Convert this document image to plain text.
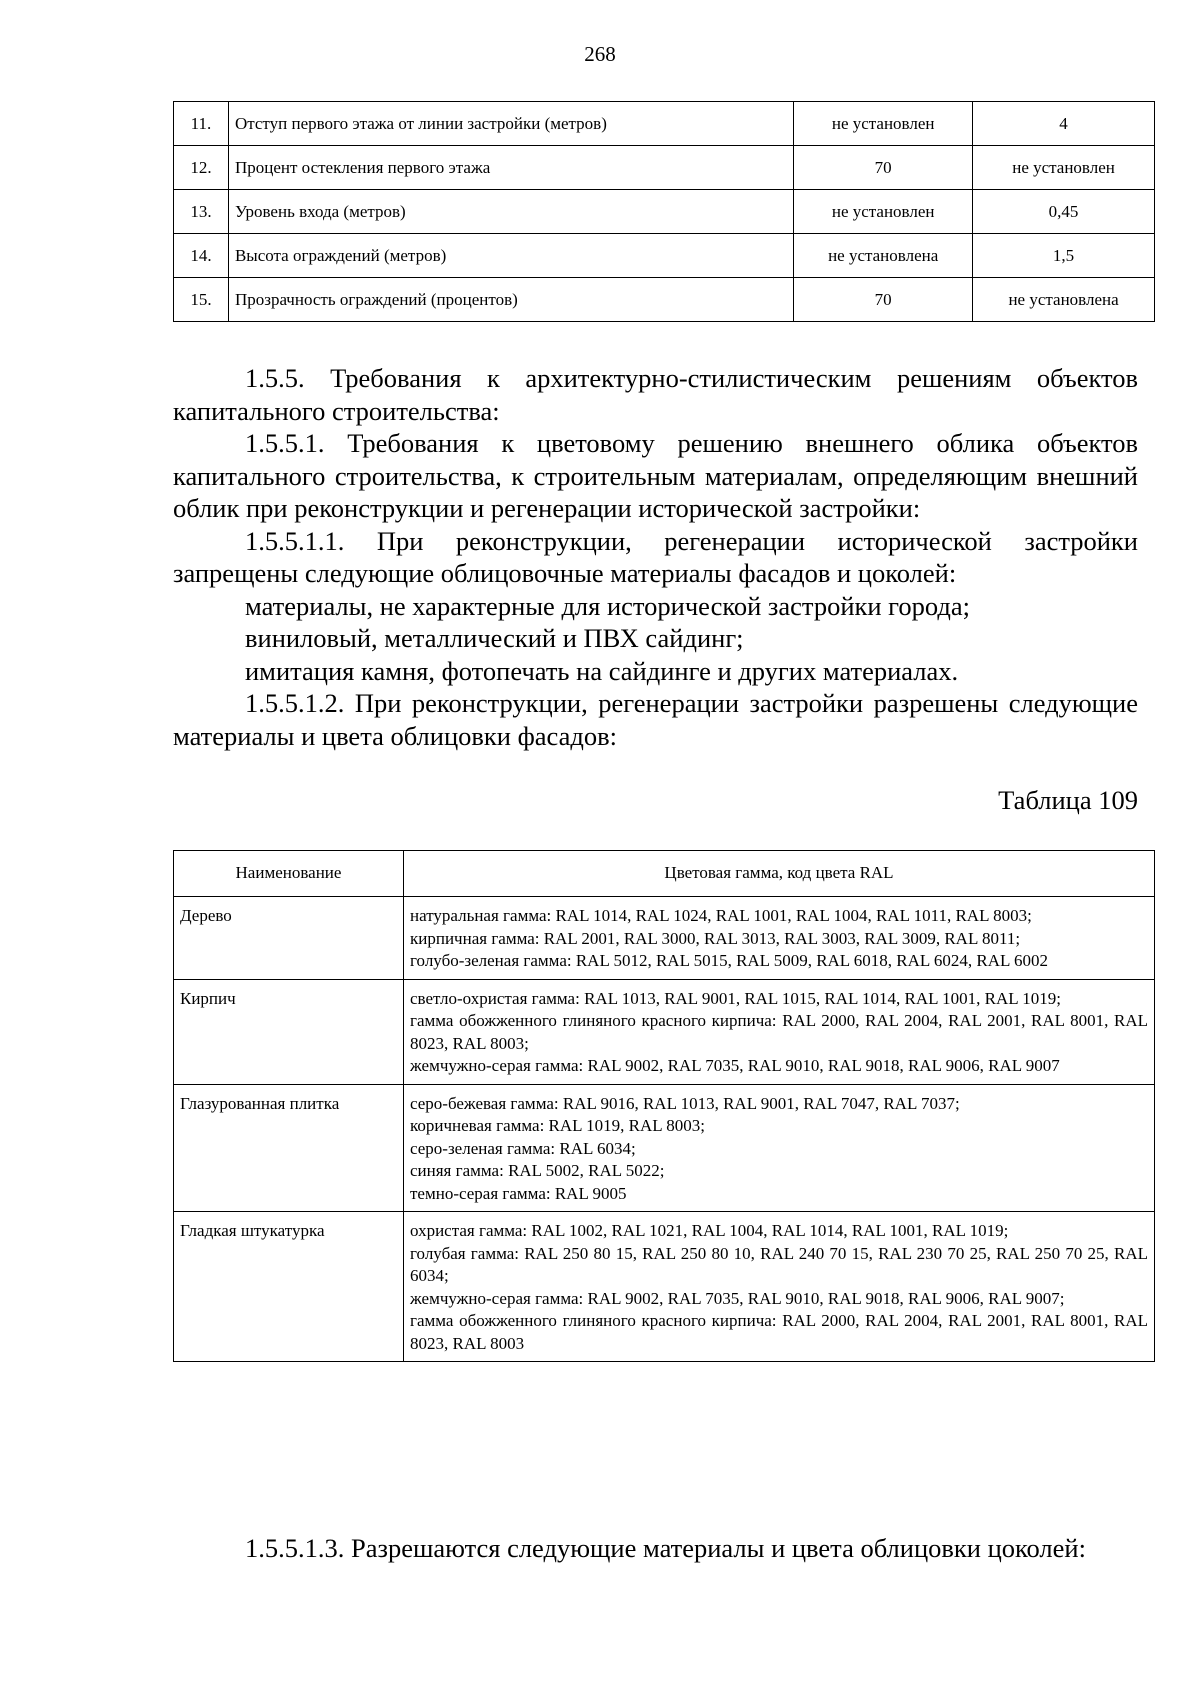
268
11.	Отступ первого этажа от линии застройки (метров)	не установлен	4
12.	Процент остекления первого этажа	70	не установлен
13.	Уровень входа (метров)	не установлен	0,45
14.	Высота ограждений (метров)	не установлена	1,5
15.	Прозрачность ограждений (процентов)	70	не установлена

1.5.5. Требования к архитектурно-стилистическим решениям объектов капитального строительства:

1.5.5.1. Требования к цветовому решению внешнего облика объектов капитального строительства, к строительным материалам, определяющим внешний облик при реконструкции и регенерации исторической застройки:

1.5.5.1.1. При реконструкции, регенерации исторической застройки запрещены следующие облицовочные материалы фасадов и цоколей:

материалы, не характерные для исторической застройки города;

виниловый, металлический и ПВХ сайдинг;

имитация камня, фотопечать на сайдинге и других материалах.

1.5.5.1.2. При реконструкции, регенерации застройки разрешены следующие материалы и цвета облицовки фасадов:

Таблица 109
Наименование	Цветовая гамма, код цвета RAL
Дерево	натуральная гамма: RAL 1014, RAL 1024, RAL 1001, RAL 1004, RAL 1011, RAL 8003;
кирпичная гамма: RAL 2001, RAL 3000, RAL 3013, RAL 3003, RAL 3009, RAL 8011;
голубо-зеленая гамма: RAL 5012, RAL 5015, RAL 5009, RAL 6018, RAL 6024, RAL 6002

Кирпич	светло-охристая гамма: RAL 1013, RAL 9001, RAL 1015, RAL 1014, RAL 1001, RAL 1019;
гамма обожженного глиняного красного кирпича: RAL 2000, RAL 2004, RAL 2001, RAL 8001, RAL 8023, RAL 8003;
жемчужно-серая гамма: RAL 9002, RAL 7035, RAL 9010, RAL 9018, RAL 9006, RAL 9007

Глазурованная плитка	серо-бежевая гамма: RAL 9016, RAL 1013, RAL 9001, RAL 7047, RAL 7037;
коричневая гамма: RAL 1019, RAL 8003;
серо-зеленая гамма: RAL 6034;
синяя гамма: RAL 5002, RAL 5022;
темно-серая гамма: RAL 9005

Гладкая штукатурка	охристая гамма: RAL 1002, RAL 1021, RAL 1004, RAL 1014, RAL 1001, RAL 1019;
голубая гамма: RAL 250 80 15, RAL 250 80 10, RAL 240 70 15, RAL 230 70 25, RAL 250 70 25, RAL 6034;
жемчужно-серая гамма: RAL 9002, RAL 7035, RAL 9010, RAL 9018, RAL 9006, RAL 9007;
гамма обожженного глиняного красного кирпича: RAL 2000, RAL 2004, RAL 2001, RAL 8001, RAL 8023, RAL 8003

1.5.5.1.3. Разрешаются следующие материалы и цвета облицовки цоколей:
